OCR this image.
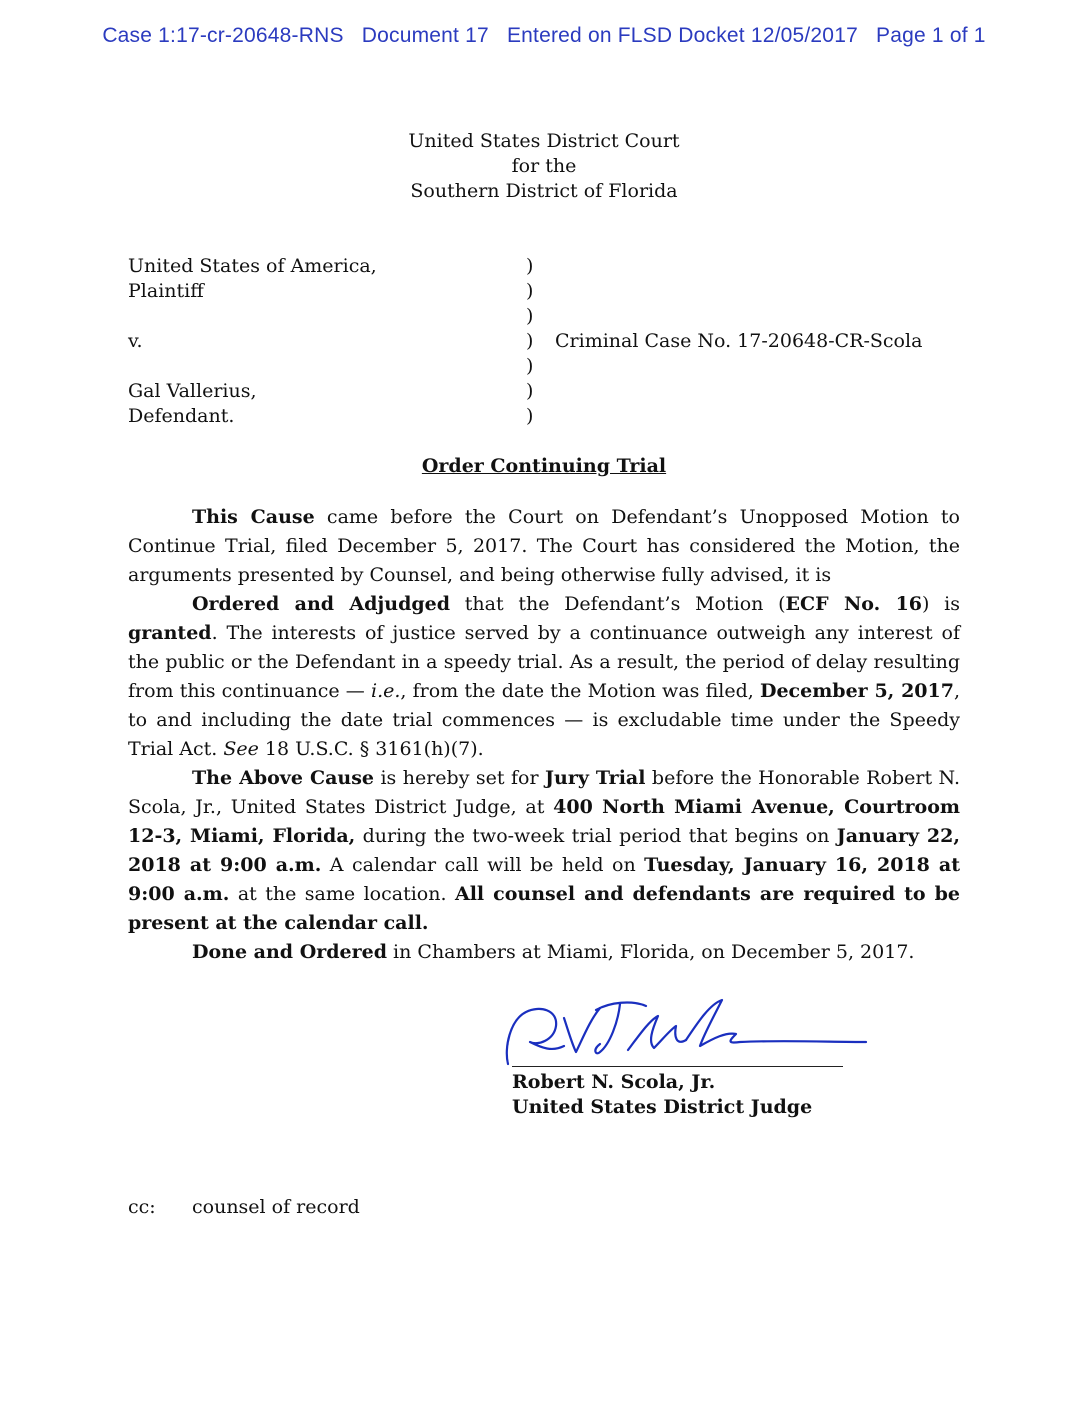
Case 1:17-cr-20648-RNS   Document 17   Entered on FLSD Docket 12/05/2017   Page 1 of 1
United States District Court
for the
Southern District of Florida
United States of America,
Plaintiff
v.
Gal Vallerius,
Defendant.
)
)
)
)
)
)
)
Criminal Case No. 17-20648-CR-Scola
Order Continuing Trial

This Cause came before the Court on Defendant’s Unopposed Motion to Continue Trial, filed December 5, 2017. The Court has considered the Motion, the arguments presented by Counsel, and being otherwise fully advised, it is

Ordered and Adjudged that the Defendant’s Motion (ECF No. 16) is granted. The interests of justice served by a continuance outweigh any interest of the public or the Defendant in a speedy trial. As a result, the period of delay resulting from this continuance — i.e., from the date the Motion was filed, December 5, 2017, to and including the date trial commences — is excludable time under the Speedy Trial Act. See 18 U.S.C. § 3161(h)(7).

The Above Cause is hereby set for Jury Trial before the Honorable Robert N. Scola, Jr., United States District Judge, at 400 North Miami Avenue, Courtroom 12-3, Miami, Florida, during the two-week trial period that begins on January 22, 2018 at 9:00 a.m. A calendar call will be held on Tuesday, January 16, 2018 at 9:00 a.m. at the same location. All counsel and defendants are required to be present at the calendar call.

Done and Ordered in Chambers at Miami, Florida, on December 5, 2017.

Robert N. Scola, Jr.
United States District Judge
cc: counsel of record
